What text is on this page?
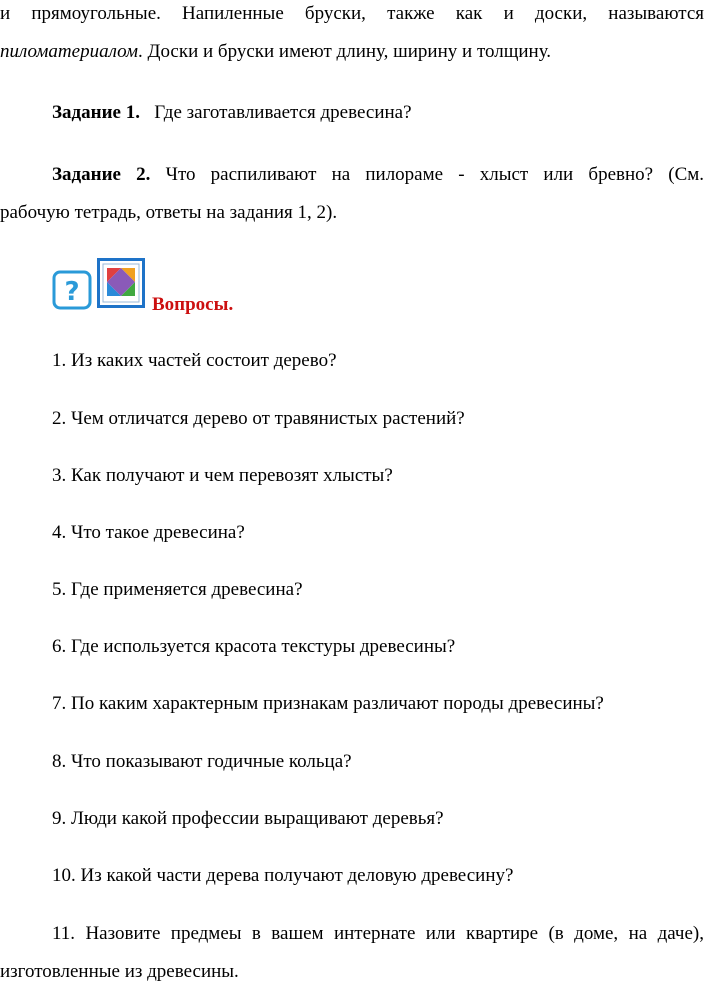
и прямоугольные. Напиленные бруски, также как и доски, называются
пиломатериалом. Доски и бруски имеют длину, ширину и толщину.
Задание 1. Где заготавливается древесина?
Задание 2. Что распиливают на пилораме - хлыст или бревно? (См.
рабочую тетрадь, ответы на задания 1, 2).
?	Вопросы.
1. Из каких частей состоит дерево?
2. Чем отличатся дерево от травянистых растений?
3. Как получают и чем перевозят хлысты?
4. Что такое древесина?
5. Где применяется древесина?
6. Где используется красота текстуры древесины?
7. По каким характерным признакам различают породы древесины?
8. Что показывают годичные кольца?
9. Люди какой профессии выращивают деревья?
10. Из какой части дерева получают деловую древесину?
11. Назовите предмеы в вашем интернате или квартире (в доме, на даче),
изготовленные из древесины.
